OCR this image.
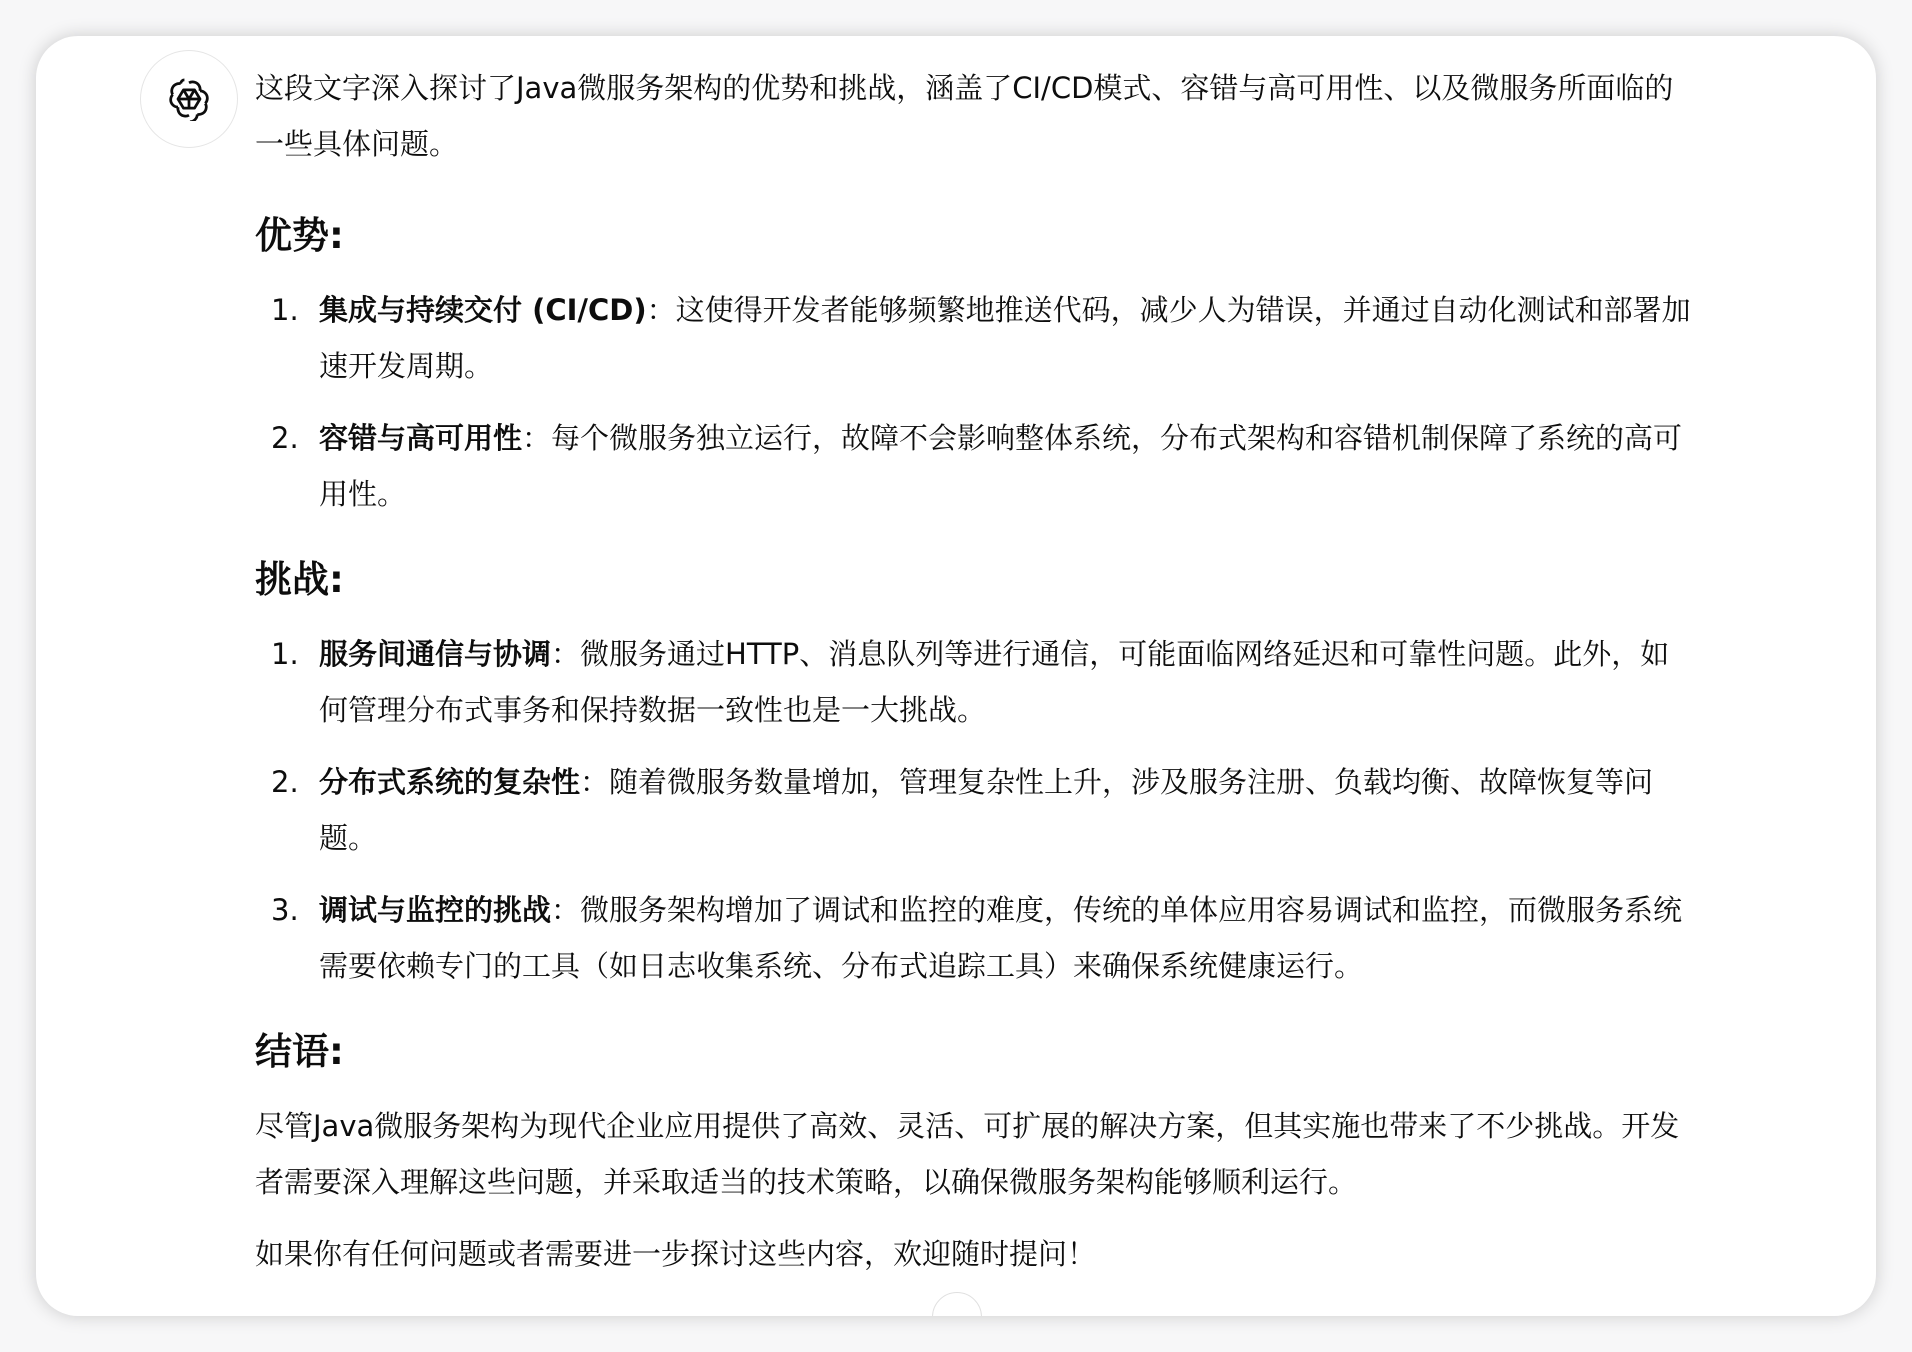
这段文字深入探讨了Java微服务架构的优势和挑战，涵盖了CI/CD模式、容错与高可用性、以及微服务所面临的一些具体问题。

优势:
1. 集成与持续交付 (CI/CD)：这使得开发者能够频繁地推送代码，减少人为错误，并通过自动化测试和部署加速开发周期。
2. 容错与高可用性：每个微服务独立运行，故障不会影响整体系统，分布式架构和容错机制保障了系统的高可用性。
挑战:
1. 服务间通信与协调：微服务通过HTTP、消息队列等进行通信，可能面临网络延迟和可靠性问题。此外，如何管理分布式事务和保持数据一致性也是一大挑战。
2. 分布式系统的复杂性：随着微服务数量增加，管理复杂性上升，涉及服务注册、负载均衡、故障恢复等问题。
3. 调试与监控的挑战：微服务架构增加了调试和监控的难度，传统的单体应用容易调试和监控，而微服务系统需要依赖专门的工具（如日志收集系统、分布式追踪工具）来确保系统健康运行。
结语:

尽管Java微服务架构为现代企业应用提供了高效、灵活、可扩展的解决方案，但其实施也带来了不少挑战。开发者需要深入理解这些问题，并采取适当的技术策略，以确保微服务架构能够顺利运行。

如果你有任何问题或者需要进一步探讨这些内容，欢迎随时提问！
